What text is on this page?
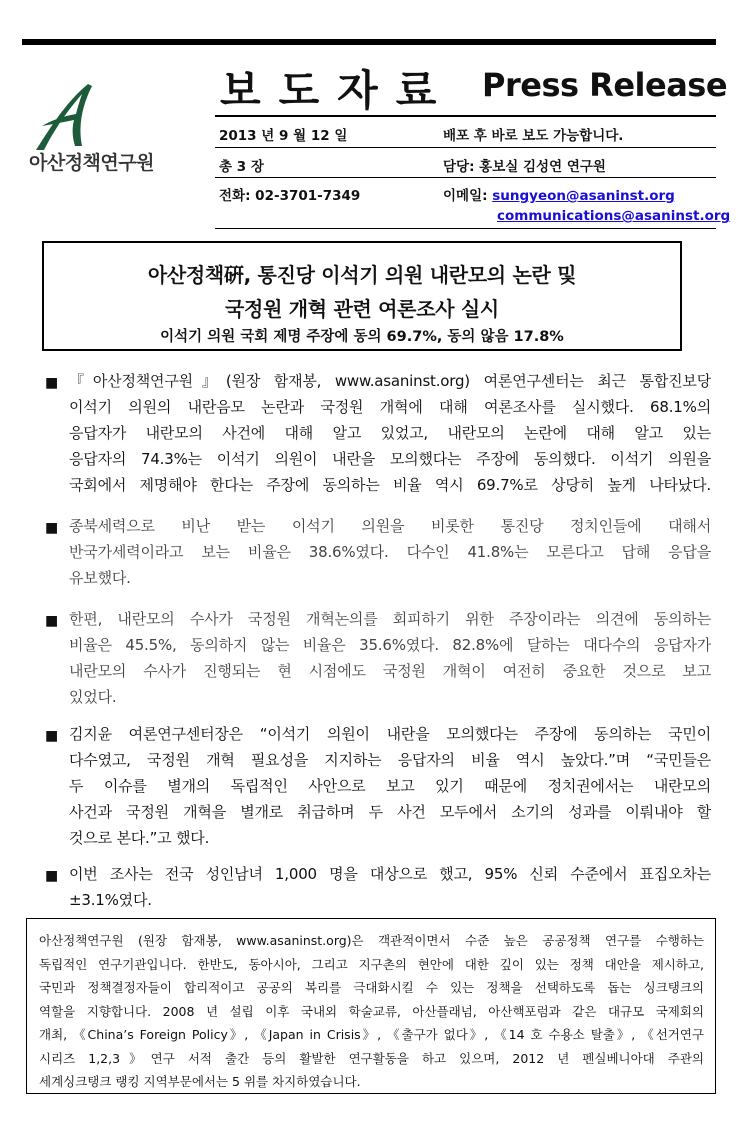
아산정책연구원
보도자료 Press Release
2013 년 9 월 12 일	배포 후 바로 보도 가능합니다.
총 3 장	담당: 홍보실 김성연 연구원
전화: 02-3701-7349	이메일: sungyeon@asaninst.org
communications@asaninst.org
아산정책硏, 통진당 이석기 의원 내란모의 논란 및
국정원 개혁 관련 여론조사 실시
이석기 의원 국회 제명 주장에 동의 69.7%, 동의 않음 17.8%
■ 『아산정책연구원』(원장 함재봉, www.asaninst.org) 여론연구센터는 최근 통합진보당
이석기 의원의 내란음모 논란과 국정원 개혁에 대해 여론조사를 실시했다. 68.1%의
응답자가 내란모의 사건에 대해 알고 있었고, 내란모의 논란에 대해 알고 있는
응답자의 74.3%는 이석기 의원이 내란을 모의했다는 주장에 동의했다. 이석기 의원을
국회에서 제명해야 한다는 주장에 동의하는 비율 역시 69.7%로 상당히 높게 나타났다.
■ 종북세력으로 비난 받는 이석기 의원을 비롯한 통진당 정치인들에 대해서
반국가세력이라고 보는 비율은 38.6%였다. 다수인 41.8%는 모른다고 답해 응답을
유보했다.
■ 한편, 내란모의 수사가 국정원 개혁논의를 회피하기 위한 주장이라는 의견에 동의하는
비율은 45.5%, 동의하지 않는 비율은 35.6%였다. 82.8%에 달하는 대다수의 응답자가
내란모의 수사가 진행되는 현 시점에도 국정원 개혁이 여전히 중요한 것으로 보고
있었다.
■ 김지윤 여론연구센터장은 “이석기 의원이 내란을 모의했다는 주장에 동의하는 국민이
다수였고, 국정원 개혁 필요성을 지지하는 응답자의 비율 역시 높았다.”며 “국민들은
두 이슈를 별개의 독립적인 사안으로 보고 있기 때문에 정치권에서는 내란모의
사건과 국정원 개혁을 별개로 취급하며 두 사건 모두에서 소기의 성과를 이뤄내야 할
것으로 본다.”고 했다.
■ 이번 조사는 전국 성인남녀 1,000 명을 대상으로 했고, 95% 신뢰 수준에서 표집오차는
±3.1%였다.
아산정책연구원 (원장 함재봉, www.asaninst.org)은 객관적이면서 수준 높은 공공정책 연구를 수행하는
독립적인 연구기관입니다. 한반도, 동아시아, 그리고 지구촌의 현안에 대한 깊이 있는 정책 대안을 제시하고,
국민과 정책결정자들이 합리적이고 공공의 복리를 극대화시킬 수 있는 정책을 선택하도록 돕는 싱크탱크의
역할을 지향합니다. 2008 년 설립 이후 국내외 학술교류, 아산플래넘, 아산핵포럼과 같은 대규모 국제회의
개최, 《China’s Foreign Policy》, 《Japan in Crisis》, 《출구가 없다》, 《14 호 수용소 탈출》, 《선거연구
시리즈 1,2,3》연구 서적 출간 등의 활발한 연구활동을 하고 있으며, 2012 년 펜실베니아대 주관의
세계싱크탱크 랭킹 지역부문에서는 5 위를 차지하였습니다.
